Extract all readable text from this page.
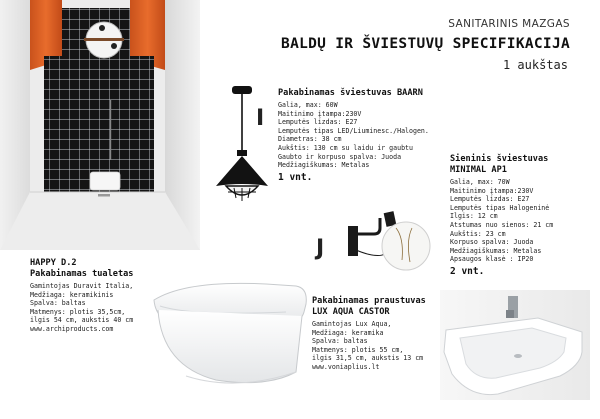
SANITARINIS MAZGAS
BALDŲ IR ŠVIESTUVŲ SPECIFIKACIJA
1 aukštas
I
Pakabinamas šviestuvas BAARN
Galia, max: 60W
Maitinimo įtampa:230V
Lemputės lizdas: E27
Lemputės tipas LED/Liuminesc./Halogen.
Diametras: 38 cm
Aukštis: 130 cm su laidu ir gaubtu
Gaubto ir korpuso spalva: Juoda
Medžiagiškumas: Metalas
1 vnt.
J
Sieninis šviestuvas
MINIMAL AP1
Galia, max: 70W
Maitinimo įtampa:230V
Lemputės lizdas: E27
Lemputės tipas Halogeninė
Ilgis: 12 cm
Atstumas nuo sienos: 21 cm
Aukštis: 23 cm
Korpuso spalva: Juoda
Medžiagiškumas: Metalas
Apsaugos klasė : IP20
2 vnt.
HAPPY D.2
Pakabinamas tualetas
Gamintojas Duravit Italia,
Medžiaga: keramikinis
Spalva: baltas
Matmenys: plotis 35,5cm,
ilgis 54 cm, aukstis 40 cm
www.archiproducts.com
Pakabinamas praustuvas
LUX AQUA CASTOR
Gamintojas Lux Aqua,
Medžiaga: keramika
Spalva: baltas
Matmenys: plotis 55 cm,
ilgis 31,5 cm, aukstis 13 cm
www.voniaplius.lt
